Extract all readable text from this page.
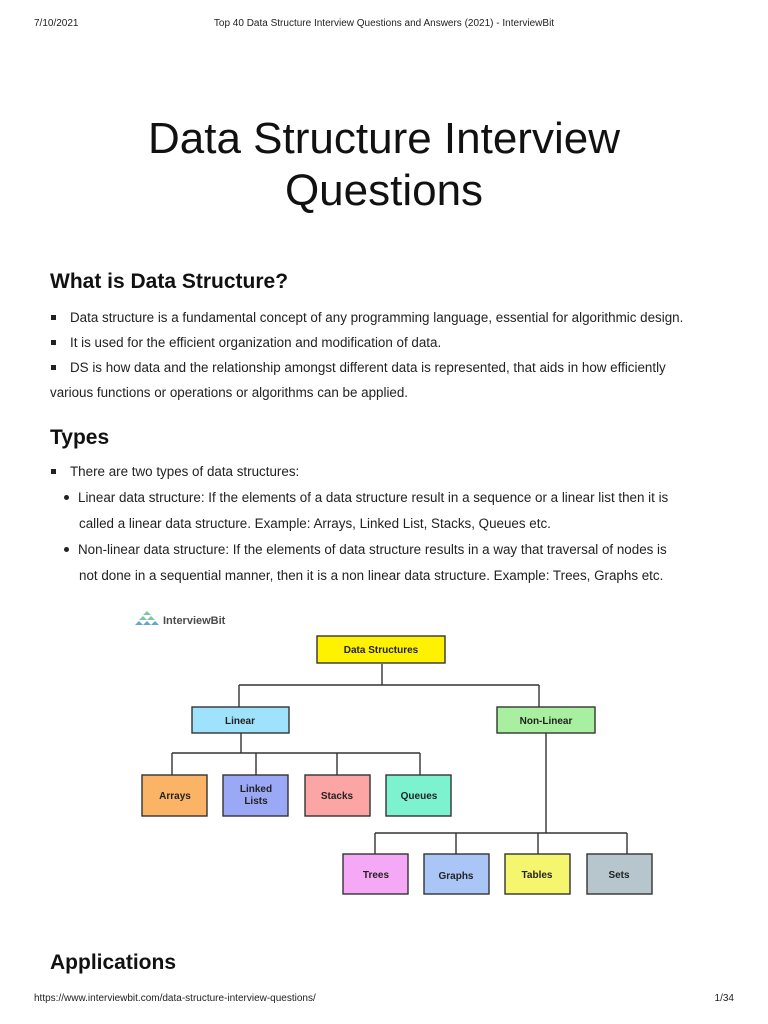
7/10/2021	Top 40 Data Structure Interview Questions and Answers (2021) - InterviewBit
Data Structure Interview
Questions
What is Data Structure?
Data structure is a fundamental concept of any programming language, essential for algorithmic design.
It is used for the efficient organization and modification of data.
DS is how data and the relationship amongst different data is represented, that aids in how efficiently
various functions or operations or algorithms can be applied.
Types
There are two types of data structures:
Linear data structure: If the elements of a data structure result in a sequence or a linear list then it is
called a linear data structure. Example: Arrays, Linked List, Stacks, Queues etc.
Non-linear data structure: If the elements of data structure results in a way that traversal of nodes is
not done in a sequential manner, then it is a non linear data structure. Example: Trees, Graphs etc.
InterviewBit
Data Structures
Linear	Non-Linear
Arrays
Linked
Lists	Stacks	Queues
Trees	Graphs	Tables	Sets
Applications
https://www.interviewbit.com/data-structure-interview-questions/	1/34
